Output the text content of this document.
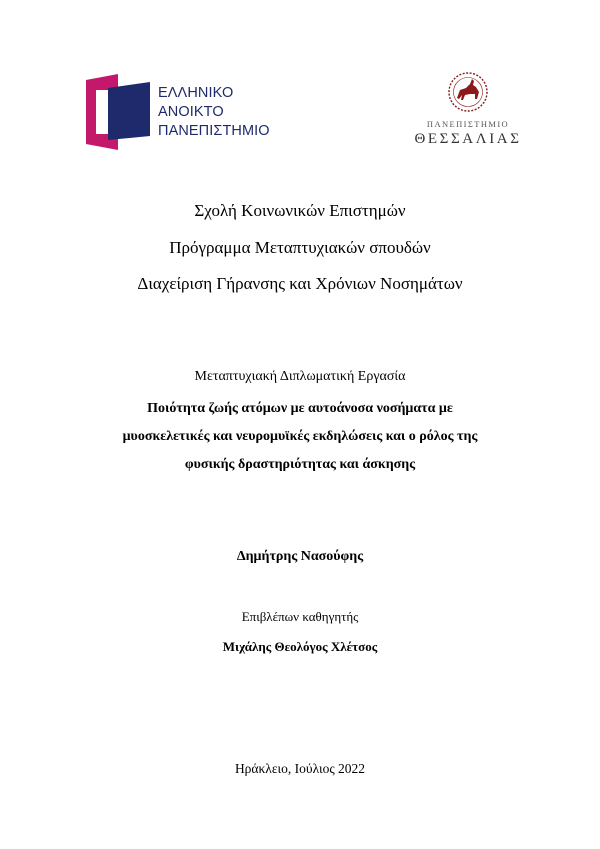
ΕΛΛΗΝΙΚΟ
ΑΝΟΙΚΤΟ
ΠΑΝΕΠΙΣΤΗΜΙΟ	ΠΑΝΕΠΙΣΤΗΜΙΟ
ΘΕΣΣΑΛΙΑΣ
Σχολή Κοινωνικών Επιστημών
Πρόγραμμα Μεταπτυχιακών σπουδών
Διαχείριση Γήρανσης και Χρόνιων Νοσημάτων
Μεταπτυχιακή Διπλωματική Εργασία
Ποιότητα ζωής ατόμων με αυτοάνοσα νοσήματα με
μυοσκελετικές και νευρομυϊκές εκδηλώσεις και ο ρόλος της
φυσικής δραστηριότητας και άσκησης
Δημήτρης Νασούφης
Επιβλέπων καθηγητής
Μιχάλης Θεολόγος Χλέτσος
Ηράκλειο, Ιούλιος 2022
